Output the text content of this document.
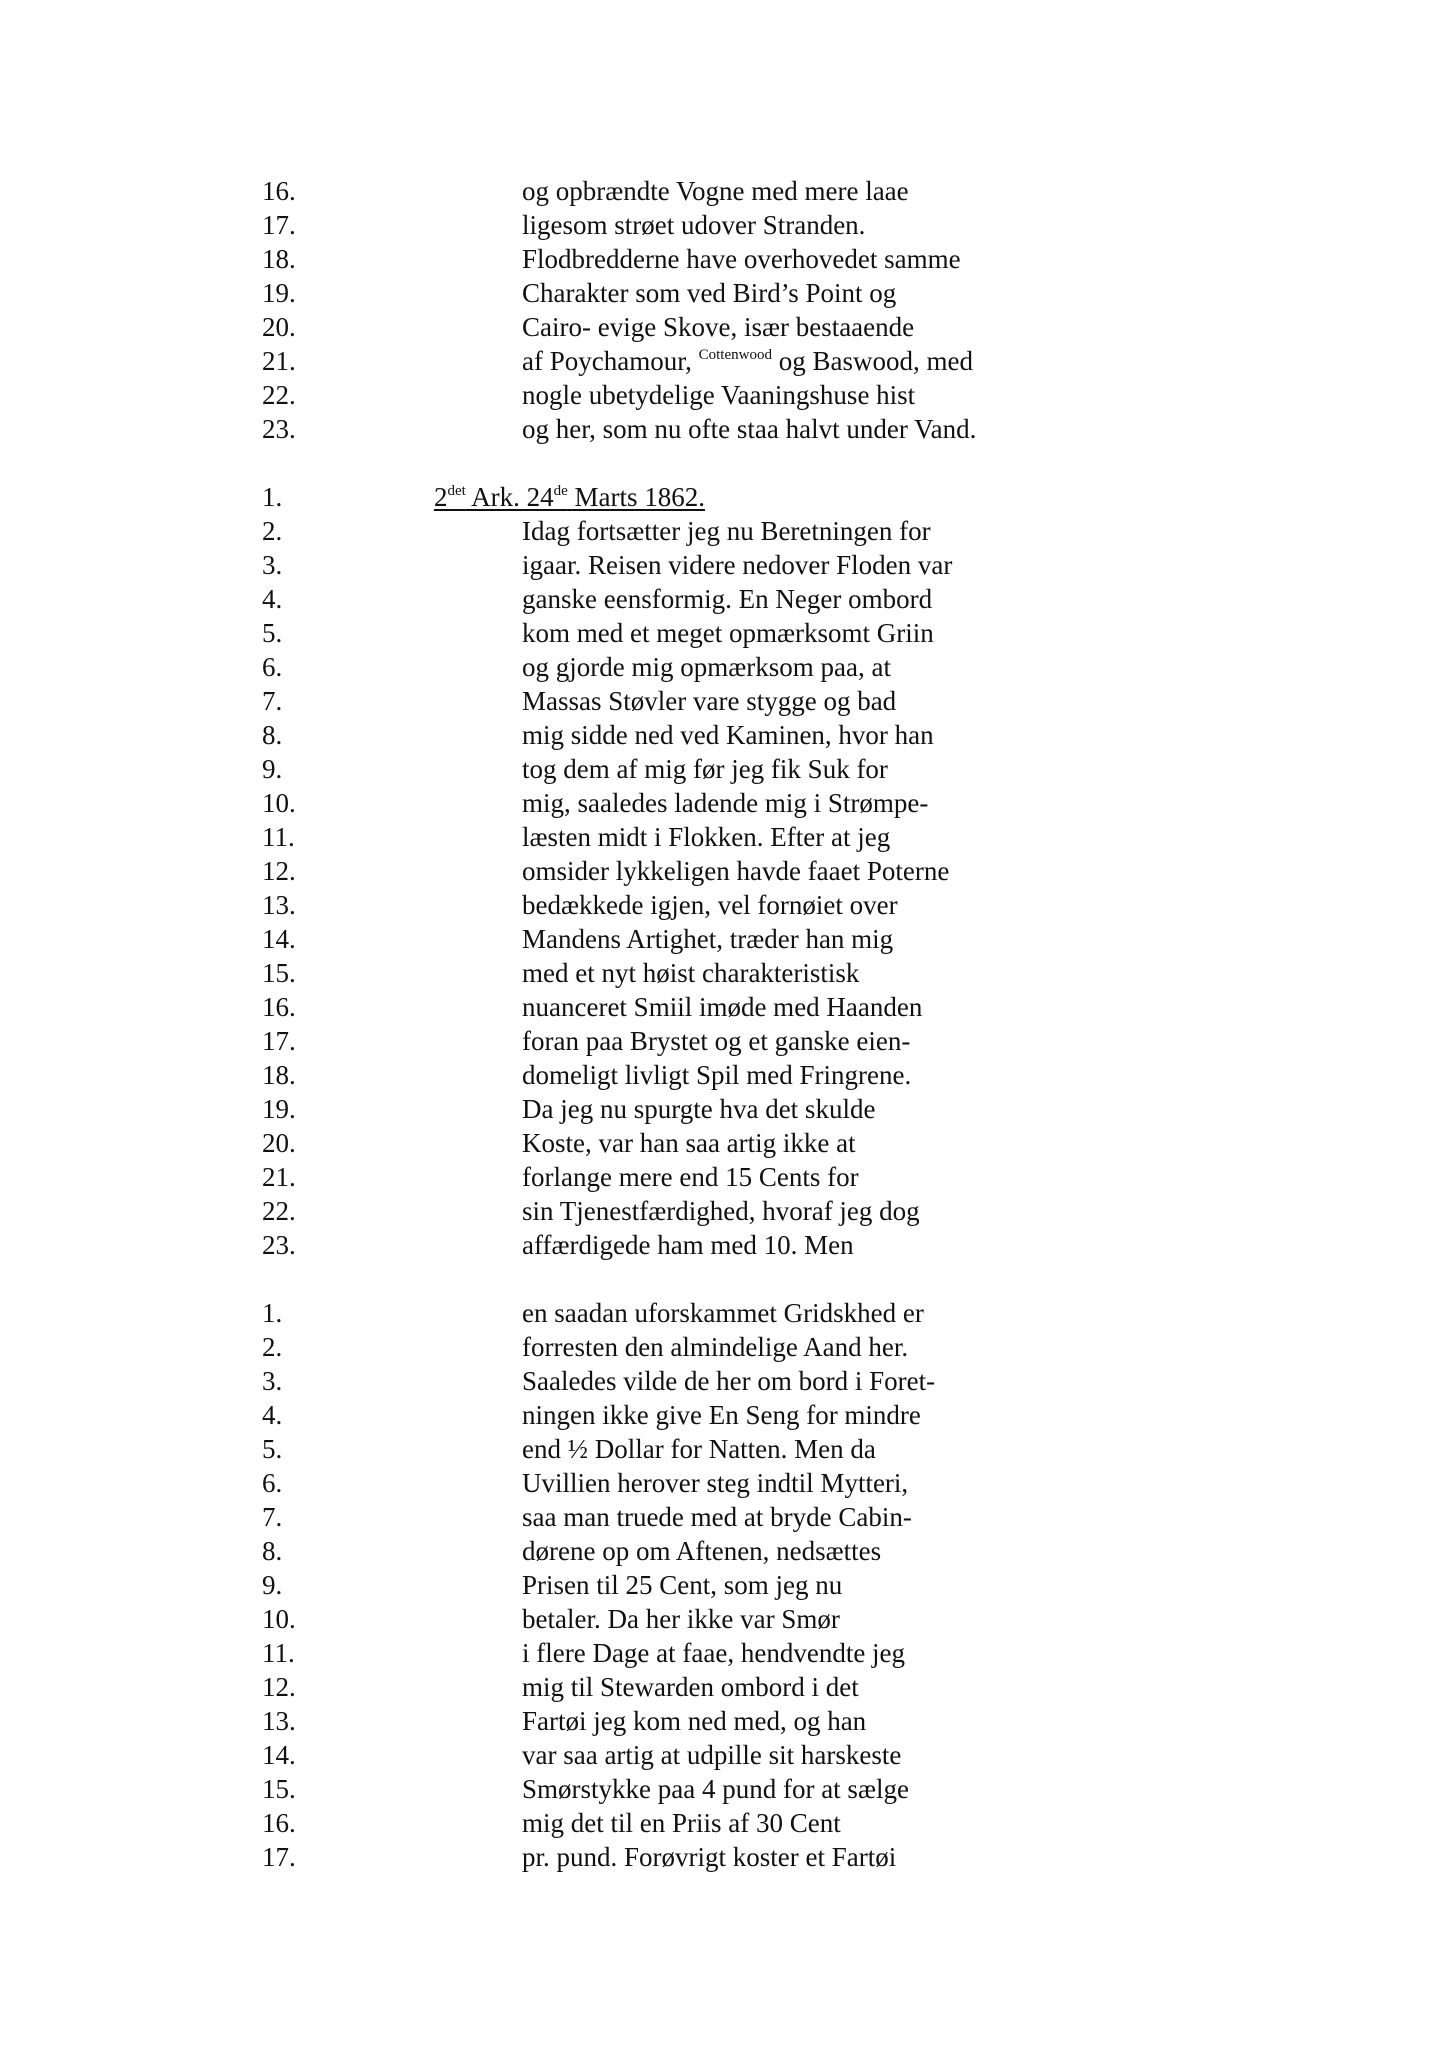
16.	og opbrændte Vogne med mere laae
17.	ligesom strøet udover Stranden.
18.	Flodbredderne have overhovedet samme
19.	Charakter som ved Bird’s Point og
20.	Cairo- evige Skove, især bestaaende
21.	af Poychamour, $^{Cottenwood}$ og Baswood, med
22.	nogle ubetydelige Vaaningshuse hist
23.	og her, som nu ofte staa halvt under Vand.
1.	$2^{det}$ Ark. 24de Marts 1862.
2.	Idag fortsætter jeg nu Beretningen for
3.	igaar. Reisen videre nedover Floden var
4.	ganske eensformig. En Neger ombord
5.	kom med et meget opmærksomt Griin
6.	og gjorde mig opmærksom paa, at
7.	Massas Støvler vare stygge og bad
8.	mig sidde ned ved Kaminen, hvor han
9.	tog dem af mig før jeg fik Suk for
10.	mig, saaledes ladende mig i Strømpe-
11.	læsten midt i Flokken. Efter at jeg
12.	omsider lykkeligen havde faaet Poterne
13.	bedækkede igjen, vel fornøiet over
14.	Mandens Artighet, træder han mig
15.	med et nyt høist charakteristisk
16.	nuanceret Smiil imøde med Haanden
17.	foran paa Brystet og et ganske eien-
18.	domeligt livligt Spil med Fringrene.
19.	Da jeg nu spurgte hva det skulde
20.	Koste, var han saa artig ikke at
21.	forlange mere end 15 Cents for
22.	sin Tjenestfærdighed, hvoraf jeg dog
23.	affærdigede ham med 10. Men
1.	en saadan uforskammet Gridskhed er
2.	forresten den almindelige Aand her.
3.	Saaledes vilde de her om bord i Foret-
4.	ningen ikke give En Seng for mindre
5.	end ½ Dollar for Natten. Men da
6.	Uvillien herover steg indtil Mytteri,
7.	saa man truede med at bryde Cabin-
8.	dørene op om Aftenen, nedsættes
9.	Prisen til 25 Cent, som jeg nu
10.	betaler. Da her ikke var Smør
11.	i flere Dage at faae, hendvendte jeg
12.	mig til Stewarden ombord i det
13.	Fartøi jeg kom ned med, og han
14.	var saa artig at udpille sit harskeste
15.	Smørstykke paa 4 pund for at sælge
16.	mig det til en Priis af 30 Cent
17.	pr. pund. Forøvrigt koster et Fartøi
